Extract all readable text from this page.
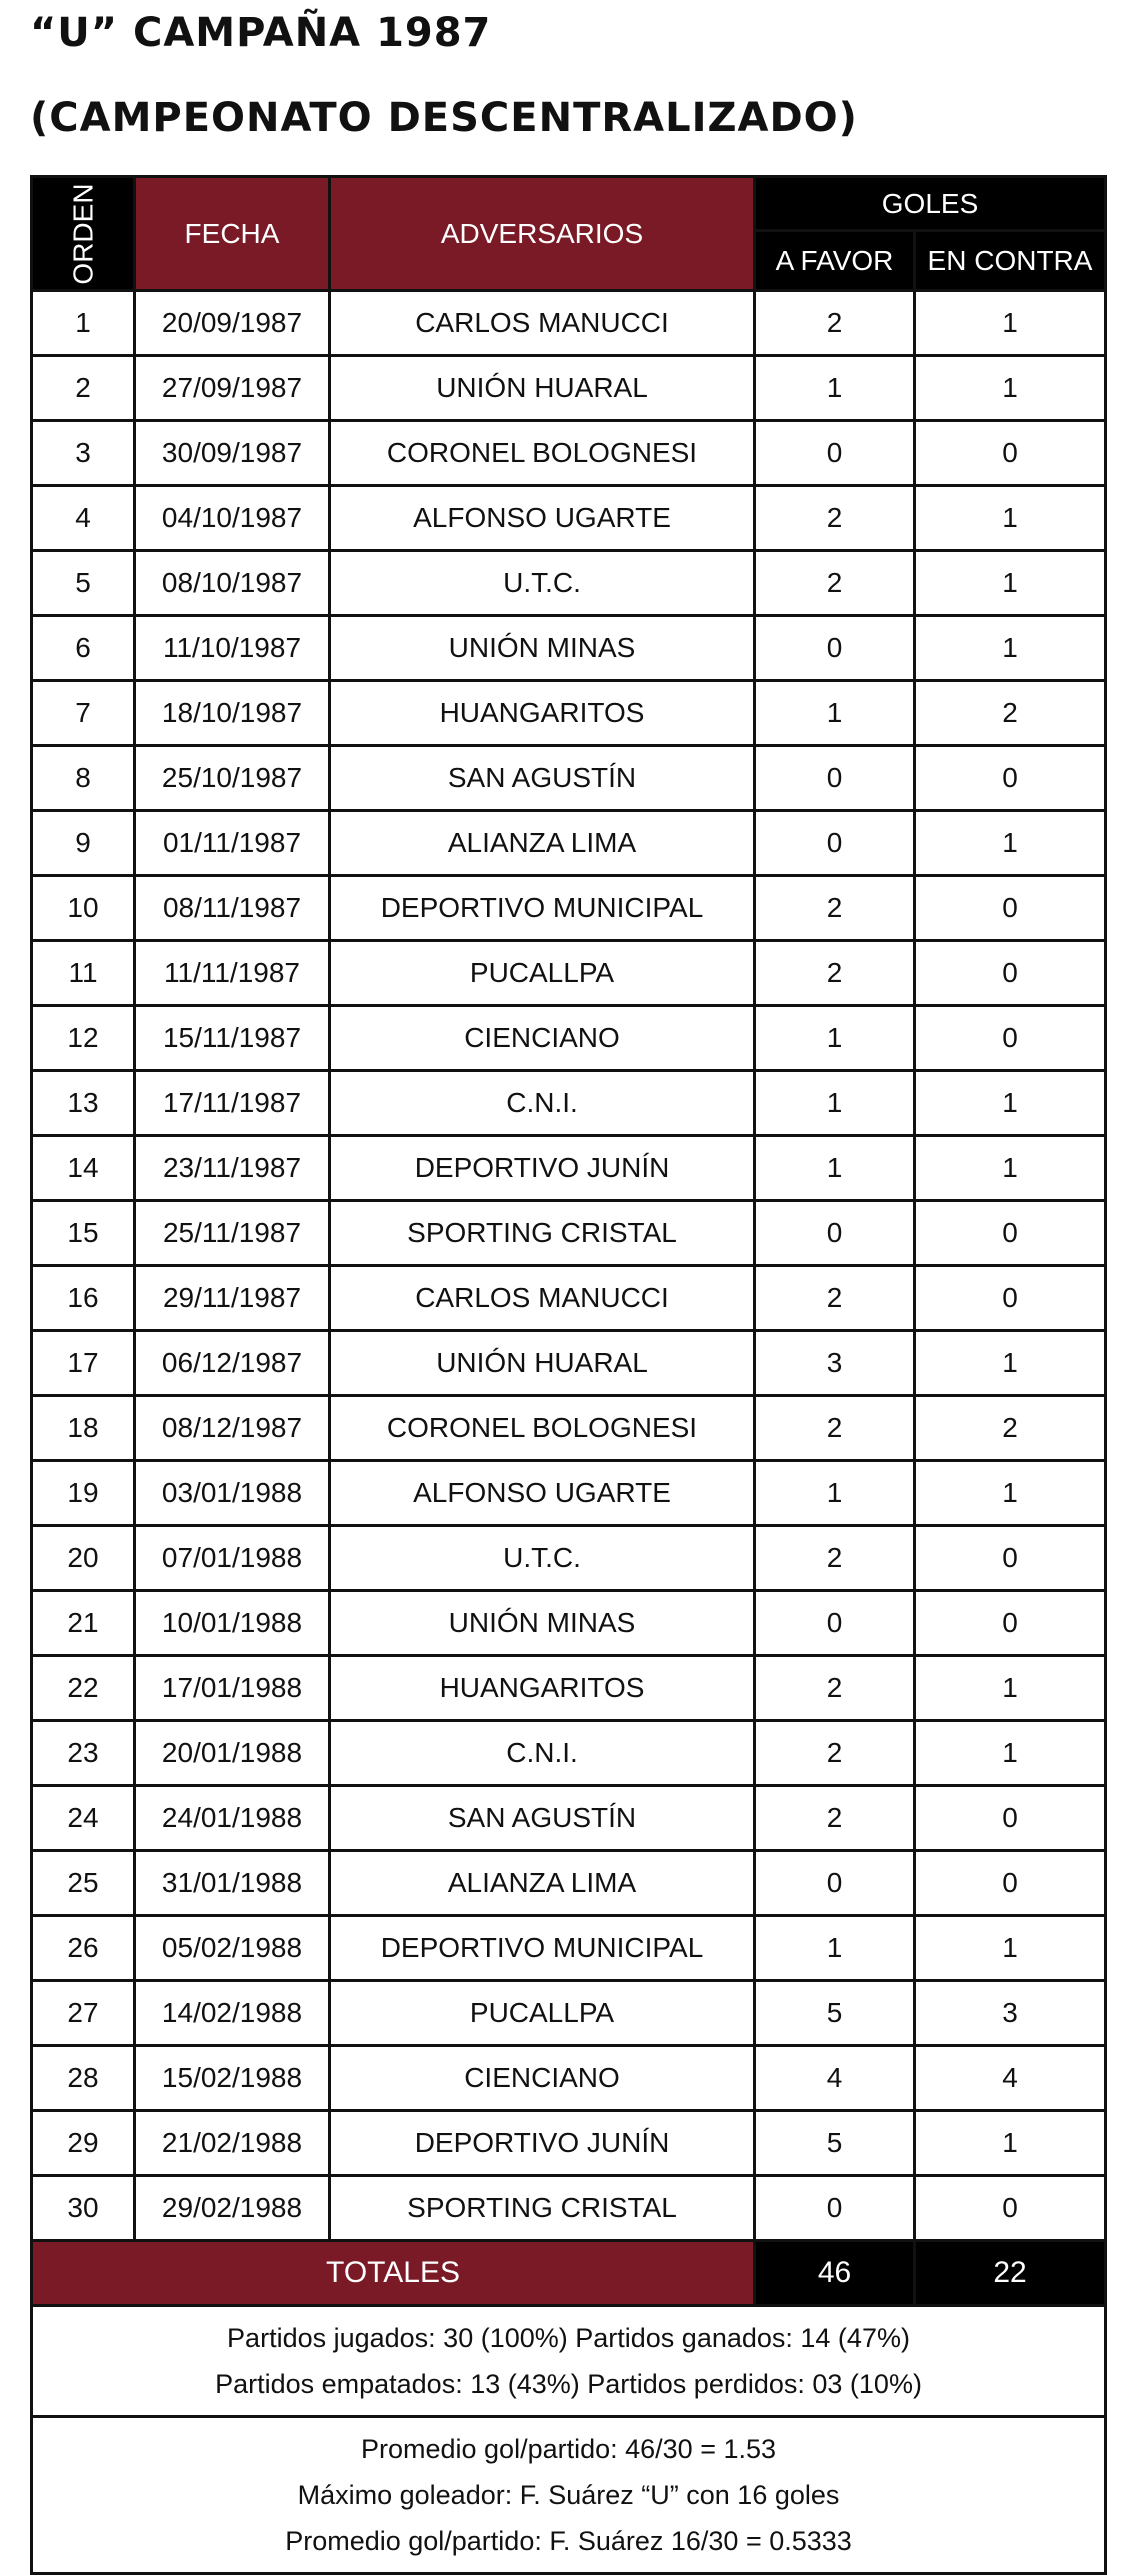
“U” CAMPAÑA 1987
(CAMPEONATO DESCENTRALIZADO)
ORDEN	FECHA	ADVERSARIOS	GOLES	
			A FAVOR	EN CONTRA
1	20/09/1987	CARLOS MANUCCI	2	1
2	27/09/1987	UNIÓN HUARAL	1	1
3	30/09/1987	CORONEL BOLOGNESI	0	0
4	04/10/1987	ALFONSO UGARTE	2	1
5	08/10/1987	U.T.C.	2	1
6	11/10/1987	UNIÓN MINAS	0	1
7	18/10/1987	HUANGARITOS	1	2
8	25/10/1987	SAN AGUSTÍN	0	0
9	01/11/1987	ALIANZA LIMA	0	1
10	08/11/1987	DEPORTIVO MUNICIPAL	2	0
11	11/11/1987	PUCALLPA	2	0
12	15/11/1987	CIENCIANO	1	0
13	17/11/1987	C.N.I.	1	1
14	23/11/1987	DEPORTIVO JUNÍN	1	1
15	25/11/1987	SPORTING CRISTAL	0	0
16	29/11/1987	CARLOS MANUCCI	2	0
17	06/12/1987	UNIÓN HUARAL	3	1
18	08/12/1987	CORONEL BOLOGNESI	2	2
19	03/01/1988	ALFONSO UGARTE	1	1
20	07/01/1988	U.T.C.	2	0
21	10/01/1988	UNIÓN MINAS	0	0
22	17/01/1988	HUANGARITOS	2	1
23	20/01/1988	C.N.I.	2	1
24	24/01/1988	SAN AGUSTÍN	2	0
25	31/01/1988	ALIANZA LIMA	0	0
26	05/02/1988	DEPORTIVO MUNICIPAL	1	1
27	14/02/1988	PUCALLPA	5	3
28	15/02/1988	CIENCIANO	4	4
29	21/02/1988	DEPORTIVO JUNÍN	5	1
30	29/02/1988	SPORTING CRISTAL	0	0
TOTALES			46	22

Partidos jugados: 30 (100%) Partidos ganados: 14 (47%)
Partidos empatados: 13 (43%) Partidos perdidos: 03 (10%)				

Promedio gol/partido: 46/30 = 1.53
Máximo goleador: F. Suárez “U” con 16 goles
Promedio gol/partido: F. Suárez 16/30 = 0.5333				
